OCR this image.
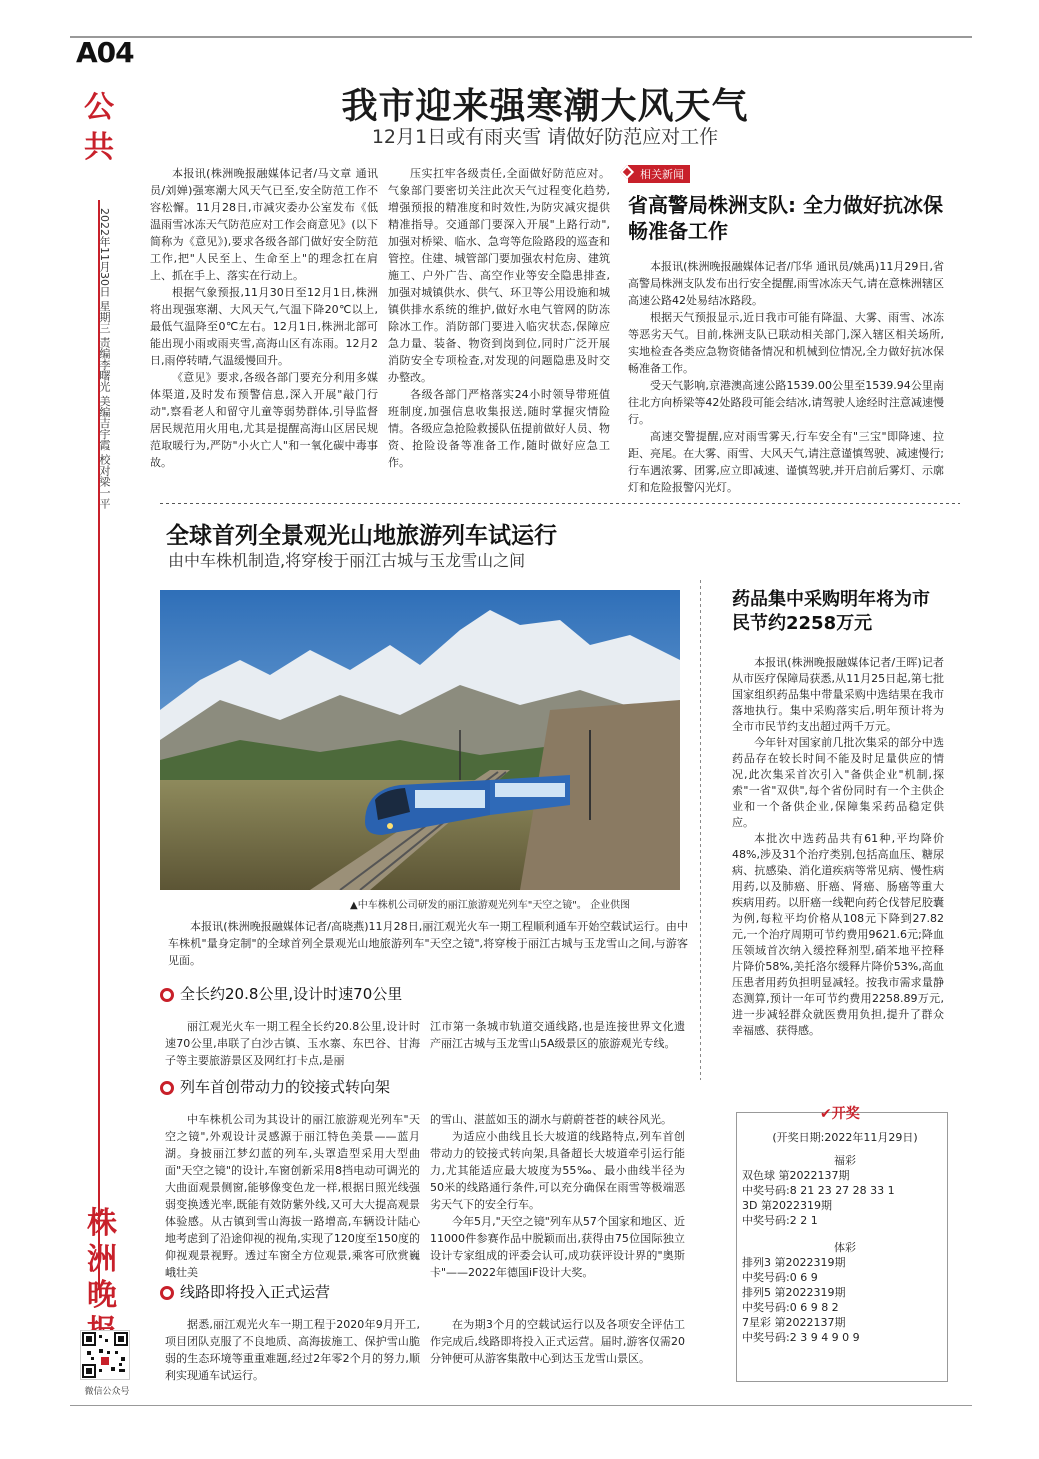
A04
公共
2022年11月30日 星期三 责编李曙光 美编吉宇霞 校对梁一平
株洲晚
微信公众号
我市迎来强寒潮大风天气
12月1日或有雨夹雪 请做好防范应对工作

本报讯(株洲晚报融媒体记者/马文章 通讯员/刘婵)强寒潮大风天气已至,安全防范工作不容松懈。11月28日,市减灾委办公室发布《低温雨雪冰冻天气防范应对工作会商意见》(以下简称为《意见》),要求各级各部门做好安全防范工作,把"人民至上、生命至上"的理念扛在肩上、抓在手上、落实在行动上。

根据气象预报,11月30日至12月1日,株洲将出现强寒潮、大风天气,气温下降20℃以上,最低气温降至0℃左右。12月1日,株洲北部可能出现小雨或雨夹雪,高海山区有冻雨。12月2日,雨停转晴,气温缓慢回升。

《意见》要求,各级各部门要充分利用多媒体渠道,及时发布预警信息,深入开展"敲门行动",察看老人和留守儿童等弱势群体,引导监督居民规范用火用电,尤其是提醒高海山区居民规范取暖行为,严防"小火亡人"和一氧化碳中毒事故。

压实扛牢各级责任,全面做好防范应对。气象部门要密切关注此次天气过程变化趋势,增强预报的精准度和时效性,为防灾减灾提供精准指导。交通部门要深入开展"上路行动",加强对桥梁、临水、急弯等危险路段的巡查和管控。住建、城管部门要加强农村危房、建筑施工、户外广告、高空作业等安全隐患排查,加强对城镇供水、供气、环卫等公用设施和城镇供排水系统的维护,做好水电气管网的防冻除冰工作。消防部门要进入临灾状态,保障应急力量、装备、物资到岗到位,同时广泛开展消防安全专项检查,对发现的问题隐患及时交办整改。

各级各部门严格落实24小时领导带班值班制度,加强信息收集报送,随时掌握灾情险情。各级应急抢险救援队伍提前做好人员、物资、抢险设备等准备工作,随时做好应急工作。

相关新闻
省高警局株洲支队: 全力做好抗冰保畅准备工作

本报讯(株洲晚报融媒体记者/邝华 通讯员/姚禹)11月29日,省高警局株洲支队发布出行安全提醒,雨雪冰冻天气,请在意株洲辖区高速公路42处易结冰路段。

根据天气预报显示,近日我市可能有降温、大雾、雨雪、冰冻等恶劣天气。目前,株洲支队已联动相关部门,深入辖区相关场所,实地检查各类应急物资储备情况和机械到位情况,全力做好抗冰保畅准备工作。

受天气影响,京港澳高速公路1539.00公里至1539.94公里南往北方向桥梁等42处路段可能会结冰,请驾驶人途经时注意减速慢行。

高速交警提醒,应对雨雪雾天,行车安全有"三宝"即降速、拉距、亮尾。在大雾、雨雪、大风天气,请注意谨慎驾驶、减速慢行;行车遇浓雾、团雾,应立即减速、谨慎驾驶,并开启前后雾灯、示廓灯和危险报警闪光灯。

全球首列全景观光山地旅游列车试运行
由中车株机制造,将穿梭于丽江古城与玉龙雪山之间
▲中车株机公司研发的丽江旅游观光列车"天空之镜"。 企业供图

本报讯(株洲晚报融媒体记者/高晓燕)11月28日,丽江观光火车一期工程顺利通车开始空载试运行。由中车株机"量身定制"的全球首列全景观光山地旅游列车"天空之镜",将穿梭于丽江古城与玉龙雪山之间,与游客见面。

全长约20.8公里,设计时速70公里

丽江观光火车一期工程全长约20.8公里,设计时速70公里,串联了白沙古镇、玉水寨、东巴谷、甘海子等主要旅游景区及网红打卡点,是丽

江市第一条城市轨道交通线路,也是连接世界文化遗产丽江古城与玉龙雪山5A级景区的旅游观光专线。

列车首创带动力的铰接式转向架

中车株机公司为其设计的丽江旅游观光列车"天空之镜",外观设计灵感源于丽江特色美景——蓝月湖。身披丽江梦幻蓝的列车,头罩造型采用大型曲面"天空之镜"的设计,车窗创新采用8挡电动可调光的大曲面观景侧窗,能够像变色龙一样,根据日照光线强弱变换透光率,既能有效防紫外线,又可大大提高观景体验感。从古镇到雪山海拔一路增高,车辆设计陆心地考虑到了沿途仰视的视角,实现了120度至150度的仰视观景视野。透过车窗全方位观景,乘客可欣赏巍峨壮美

的雪山、湛蓝如玉的湖水与蔚蔚苍苍的峡谷风光。

为适应小曲线且长大坡道的线路特点,列车首创带动力的铰接式转向架,具备超长大坡道牵引运行能力,尤其能适应最大坡度为55‰、最小曲线半径为50米的线路通行条件,可以充分确保在雨雪等极端恶劣天气下的安全行车。

今年5月,"天空之镜"列车从57个国家和地区、近11000件参赛作品中脱颖而出,获得由75位国际独立设计专家组成的评委会认可,成功获评设计界的"奥斯卡"——2022年德国iF设计大奖。

线路即将投入正式运营

据悉,丽江观光火车一期工程于2020年9月开工,项目团队克服了不良地质、高海拔施工、保护雪山脆弱的生态环境等重重难题,经过2年零2个月的努力,顺利实现通车试运行。

在为期3个月的空载试运行以及各项安全评估工作完成后,线路即将投入正式运营。届时,游客仅需20分钟便可从游客集散中心到达玉龙雪山景区。

药品集中采购明年将为市民节约2258万元

本报讯(株洲晚报融媒体记者/王晖)记者从市医疗保障局获悉,从11月25日起,第七批国家组织药品集中带量采购中选结果在我市落地执行。集中采购落实后,明年预计将为全市市民节约支出超过两千万元。

今年针对国家前几批次集采的部分中选药品存在较长时间不能及时足量供应的情况,此次集采首次引入"备供企业"机制,探索"一省"双供",每个省份同时有一个主供企业和一个备供企业,保障集采药品稳定供应。

本批次中选药品共有61种,平均降价48%,涉及31个治疗类别,包括高血压、糖尿病、抗感染、消化道疾病等常见病、慢性病用药,以及肺癌、肝癌、肾癌、肠癌等重大疾病用药。以肝癌一线靶向药仑伐替尼胶囊为例,每粒平均价格从108元下降到27.82元,一个治疗周期可节约费用9621.6元;降血压领域首次纳入缓控释剂型,硝苯地平控释片降价58%,美托洛尔缓释片降价53%,高血压患者用药负担明显减轻。按我市需求量静态测算,预计一年可节约费用2258.89万元,进一步减轻群众就医费用负担,提升了群众幸福感、获得感。

✔开奖
(开奖日期:2022年11月29日)
福彩
双色球 第2022137期
中奖号码:8 21 23 27 28 33 1
3D 第2022319期
中奖号码:2 2 1
体彩
排列3 第2022319期
中奖号码:0 6 9
排列5 第2022319期
中奖号码:0 6 9 8 2
7星彩 第2022137期
中奖号码:2 3 9 4 9 0 9
